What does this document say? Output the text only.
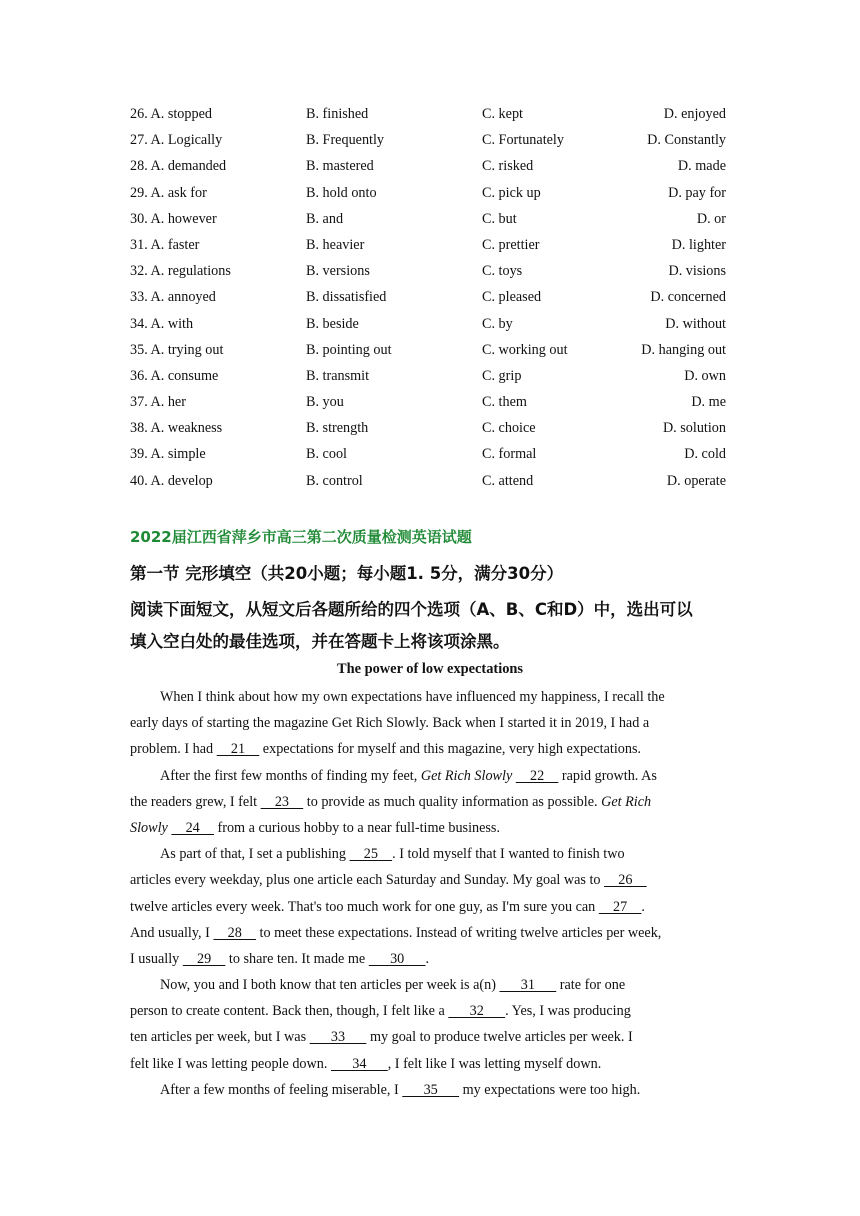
26. A. stopped	B. finished	C. kept	D. enjoyed
27. A. Logically	B. Frequently	C. Fortunately	D. Constantly
28. A. demanded	B. mastered	C. risked	D. made
29. A. ask for	B. hold onto	C. pick up	D. pay for
30. A. however	B. and	C. but	D. or
31. A. faster	B. heavier	C. prettier	D. lighter
32. A. regulations	B. versions	C. toys	D. visions
33. A. annoyed	B. dissatisfied	C. pleased	D. concerned
34. A. with	B. beside	C. by	D. without
35. A. trying out	B. pointing out	C. working out	D. hanging out
36. A. consume	B. transmit	C. grip	D. own
37. A. her	B. you	C. them	D. me
38. A. weakness	B. strength	C. choice	D. solution
39. A. simple	B. cool	C. formal	D. cold
40. A. develop	B. control	C. attend	D. operate
2022届江西省萍乡市高三第二次质量检测英语试题
第一节 完形填空（共20小题；每小题1. 5分，满分30分）
阅读下面短文，从短文后各题所给的四个选项（A、B、C和D）中，选出可以
填入空白处的最佳选项，并在答题卡上将该项涂黑。
The power of low expectations
When I think about how my own expectations have influenced my happiness, I recall the
early days of starting the magazine Get Rich Slowly. Back when I started it in 2019, I had a
problem. I had     21     expectations for myself and this magazine, very high expectations.
After the first few months of finding my feet, Get Rich Slowly     22     rapid growth. As
the readers grew, I felt     23     to provide as much quality information as possible. Get Rich
Slowly     24     from a curious hobby to a near full-time business.
As part of that, I set a publishing     25    . I told myself that I wanted to finish two
articles every weekday, plus one article each Saturday and Sunday. My goal was to     26
twelve articles every week. That's too much work for one guy, as I'm sure you can     27    .
And usually, I     28     to meet these expectations. Instead of writing twelve articles per week,
I usually     29     to share ten. It made me       30      .
Now, you and I both know that ten articles per week is a(n)       31       rate for one
person to create content. Back then, though, I felt like a       32      . Yes, I was producing
ten articles per week, but I was       33       my goal to produce twelve articles per week. I
felt like I was letting people down.       34      , I felt like I was letting myself down.
After a few months of feeling miserable, I       35       my expectations were too high.
